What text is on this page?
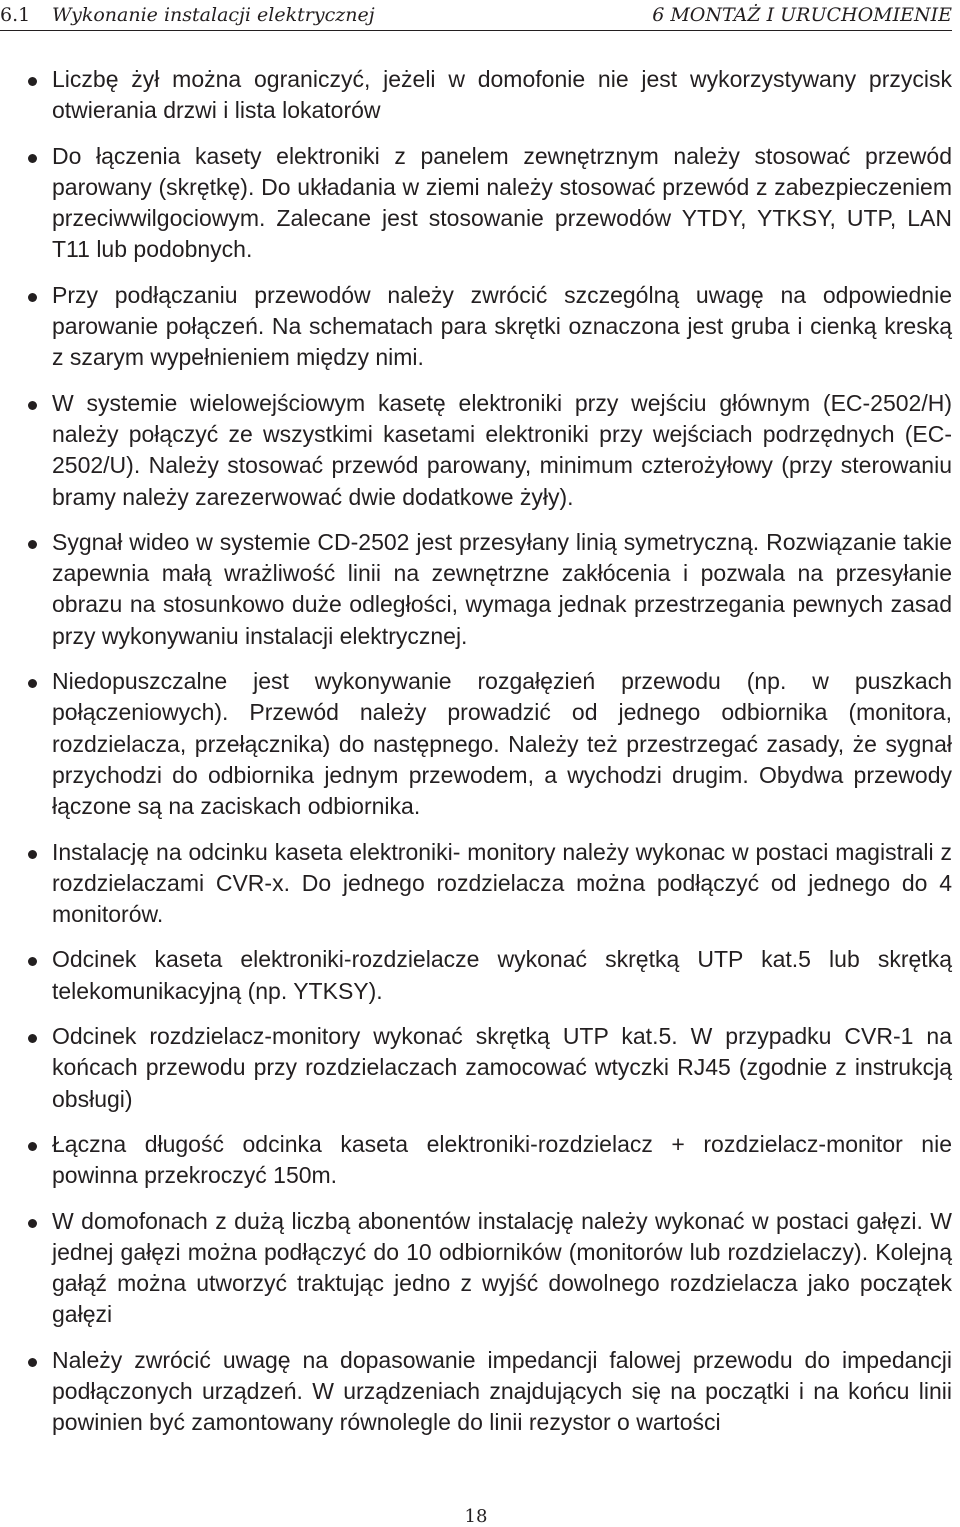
6.1 Wykonanie instalacji elektrycznej	6 MONTAŻ I URUCHOMIENIE
Liczbę żył można ograniczyć, jeżeli w domofonie nie jest wykorzystywany przycisk otwierania drzwi i lista lokatorów
Do łączenia kasety elektroniki z panelem zewnętrznym należy stosować przewód parowany (skrętkę). Do układania w ziemi należy stosować przewód z zabezpieczeniem przeciwwilgociowym. Zalecane jest stosowanie przewodów YTDY, YTKSY, UTP, LAN T11 lub podobnych.
Przy podłączaniu przewodów należy zwrócić szczególną uwagę na odpowiednie parowanie połączeń. Na schematach para skrętki oznaczona jest gruba i cienką kreską z szarym wypełnieniem między nimi.
W systemie wielowejściowym kasetę elektroniki przy wejściu głównym (EC-2502/H) należy połączyć ze wszystkimi kasetami elektroniki przy wejściach podrzędnych (EC-2502/U). Należy stosować przewód parowany, minimum czterożyłowy (przy sterowaniu bramy należy zarezerwować dwie dodatkowe żyły).
Sygnał wideo w systemie CD-2502 jest przesyłany linią symetryczną. Rozwiązanie takie zapewnia małą wrażliwość linii na zewnętrzne zakłócenia i pozwala na przesyłanie obrazu na stosunkowo duże odległości, wymaga jednak przestrzegania pewnych zasad przy wykonywaniu instalacji elektrycznej.
Niedopuszczalne jest wykonywanie rozgałęzień przewodu (np. w puszkach połączeniowych). Przewód należy prowadzić od jednego odbiornika (monitora, rozdzielacza, przełącznika) do następnego. Należy też przestrzegać zasady, że sygnał przychodzi do odbiornika jednym przewodem, a wychodzi drugim. Obydwa przewody łączone są na zaciskach odbiornika.
Instalację na odcinku kaseta elektroniki- monitory należy wykonac w postaci magistrali z rozdzielaczami CVR-x. Do jednego rozdzielacza można podłączyć od jednego do 4 monitorów.
Odcinek kaseta elektroniki-rozdzielacze wykonać skrętką UTP kat.5 lub skrętką telekomunikacyjną (np. YTKSY).
Odcinek rozdzielacz-monitory wykonać skrętką UTP kat.5. W przypadku CVR-1 na końcach przewodu przy rozdzielaczach zamocować wtyczki RJ45 (zgodnie z instrukcją obsługi)
Łączna długość odcinka kaseta elektroniki-rozdzielacz + rozdzielacz-monitor nie powinna przekroczyć 150m.
W domofonach z dużą liczbą abonentów instalację należy wykonać w postaci gałęzi. W jednej gałęzi można podłączyć do 10 odbiorników (monitorów lub rozdzielaczy). Kolejną gałąź można utworzyć traktując jedno z wyjść dowolnego rozdzielacza jako początek gałęzi
Należy zwrócić uwagę na dopasowanie impedancji falowej przewodu do impedancji podłączonych urządzeń. W urządzeniach znajdujących się na początki i na końcu linii powinien być zamontowany równolegle do linii rezystor o wartości
18
